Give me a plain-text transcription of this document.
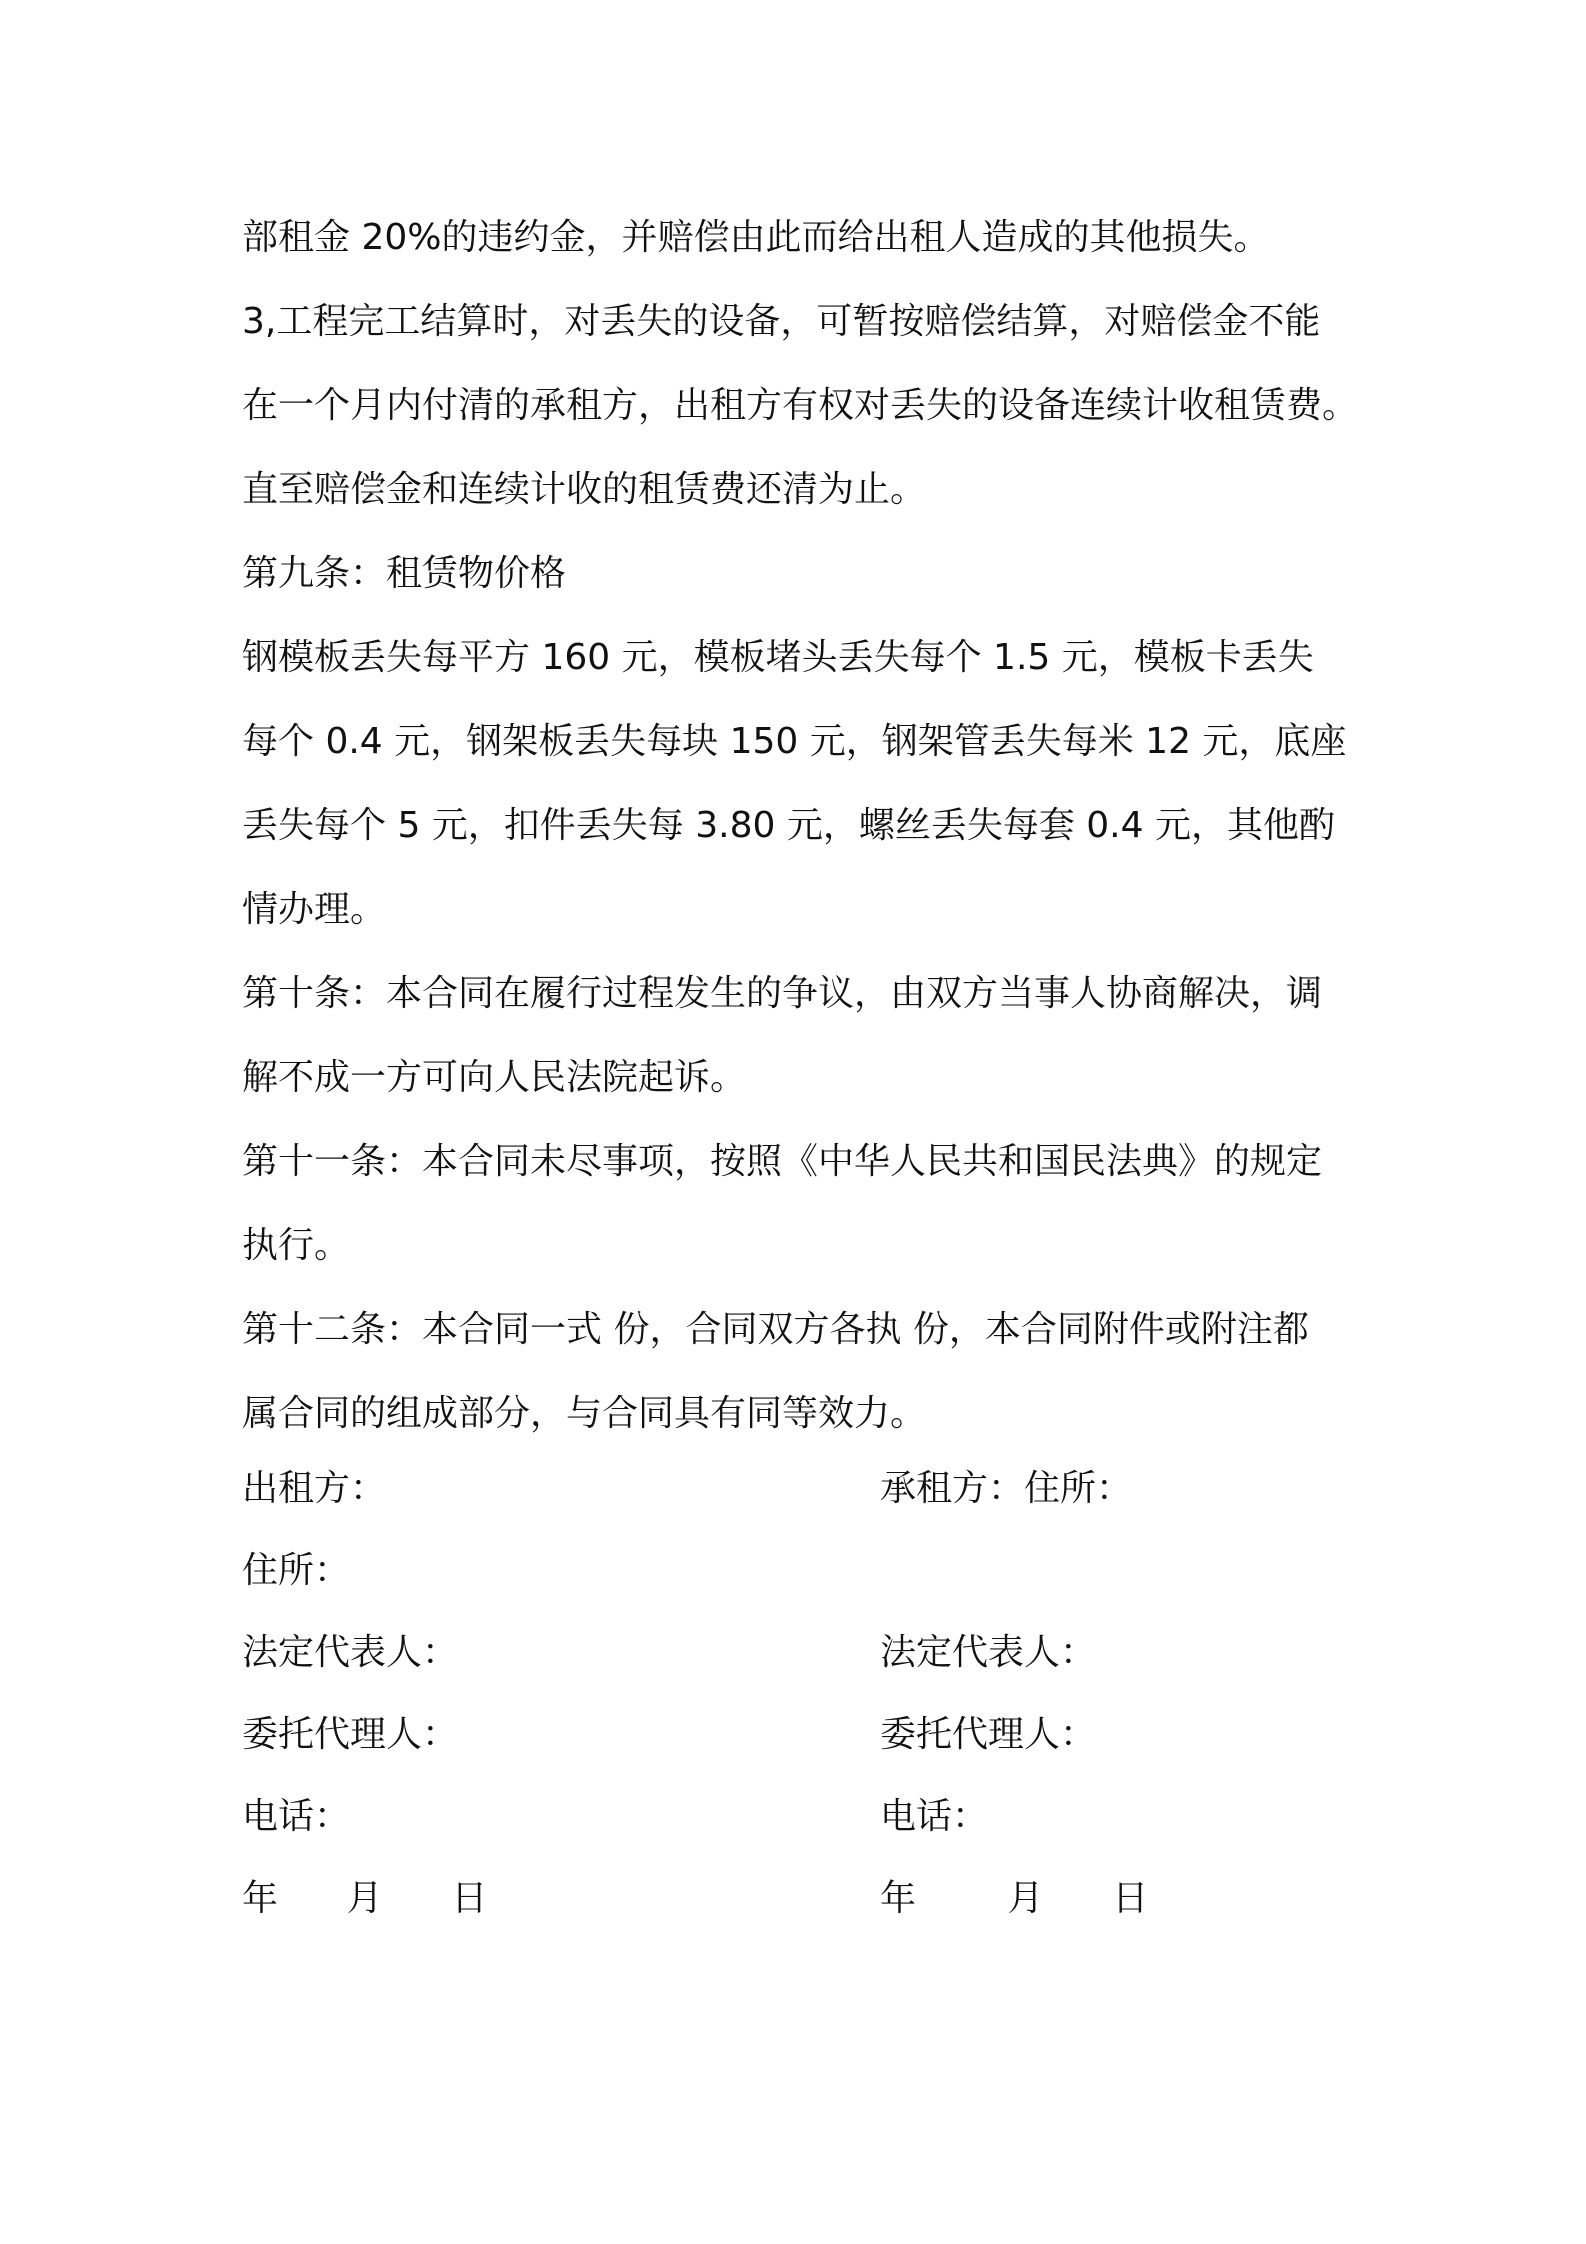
部租金 20%的违约金，并赔偿由此而给出租人造成的其他损失。
3,工程完工结算时，对丢失的设备，可暂按赔偿结算，对赔偿金不能
在一个月内付清的承租方，出租方有权对丢失的设备连续计收租赁费。
直至赔偿金和连续计收的租赁费还清为止。
第九条：租赁物价格
钢模板丢失每平方 160 元，模板堵头丢失每个 1.5 元，模板卡丢失
每个 0.4 元，钢架板丢失每块 150 元，钢架管丢失每米 12 元，底座
丢失每个 5 元，扣件丢失每 3.80 元，螺丝丢失每套 0.4 元，其他酌
情办理。
第十条：本合同在履行过程发生的争议，由双方当事人协商解决，调
解不成一方可向人民法院起诉。
第十一条：本合同未尽事项，按照《中华人民共和国民法典》的规定
执行。
第十二条：本合同一式 份，合同双方各执 份，本合同附件或附注都
属合同的组成部分，与合同具有同等效力。
出租方：	承租方：住所：
住所：
法定代表人：	法定代表人：
委托代理人：	委托代理人：
电话：	电话：
年      月      日	年        月      日
